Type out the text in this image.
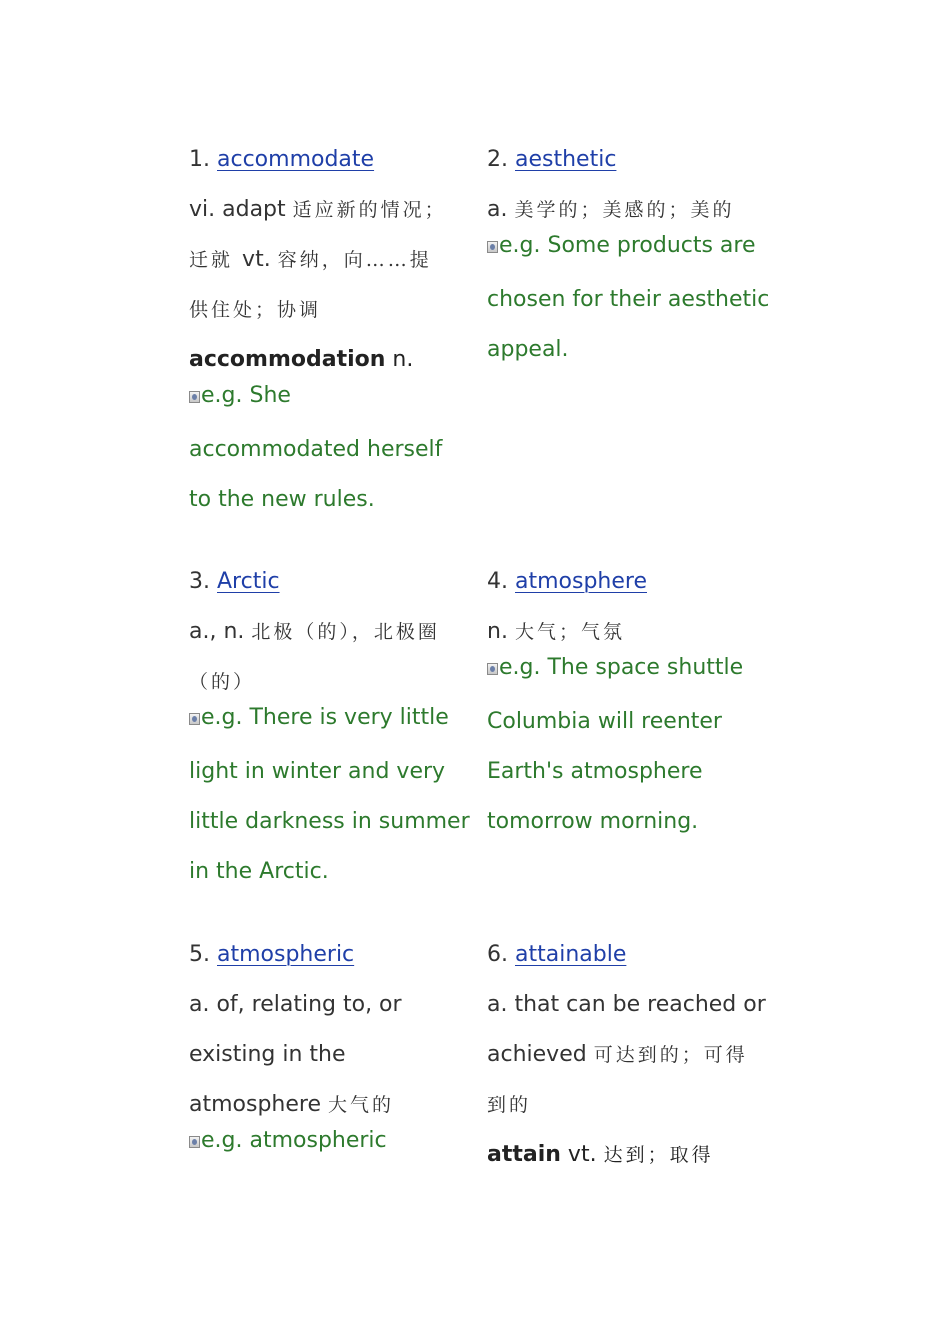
1. accommodate
vi. adapt 适应新的情况；
迁就 vt. 容纳，向……提
供住处；协调
accommodation n.
e.g. She
accommodated herself
to the new rules.
2. aesthetic
a. 美学的；美感的；美的
e.g. Some products are
chosen for their aesthetic
appeal.
3. Arctic
a., n. 北极（的），北极圈
（的）
e.g. There is very little
light in winter and very
little darkness in summer
in the Arctic.
4. atmosphere
n. 大气；气氛
e.g. The space shuttle
Columbia will reenter
Earth's atmosphere
tomorrow morning.
5. atmospheric
a. of, relating to, or
existing in the
atmosphere 大气的
e.g. atmospheric
6. attainable
a. that can be reached or
achieved 可达到的；可得
到的
attain vt. 达到；取得
